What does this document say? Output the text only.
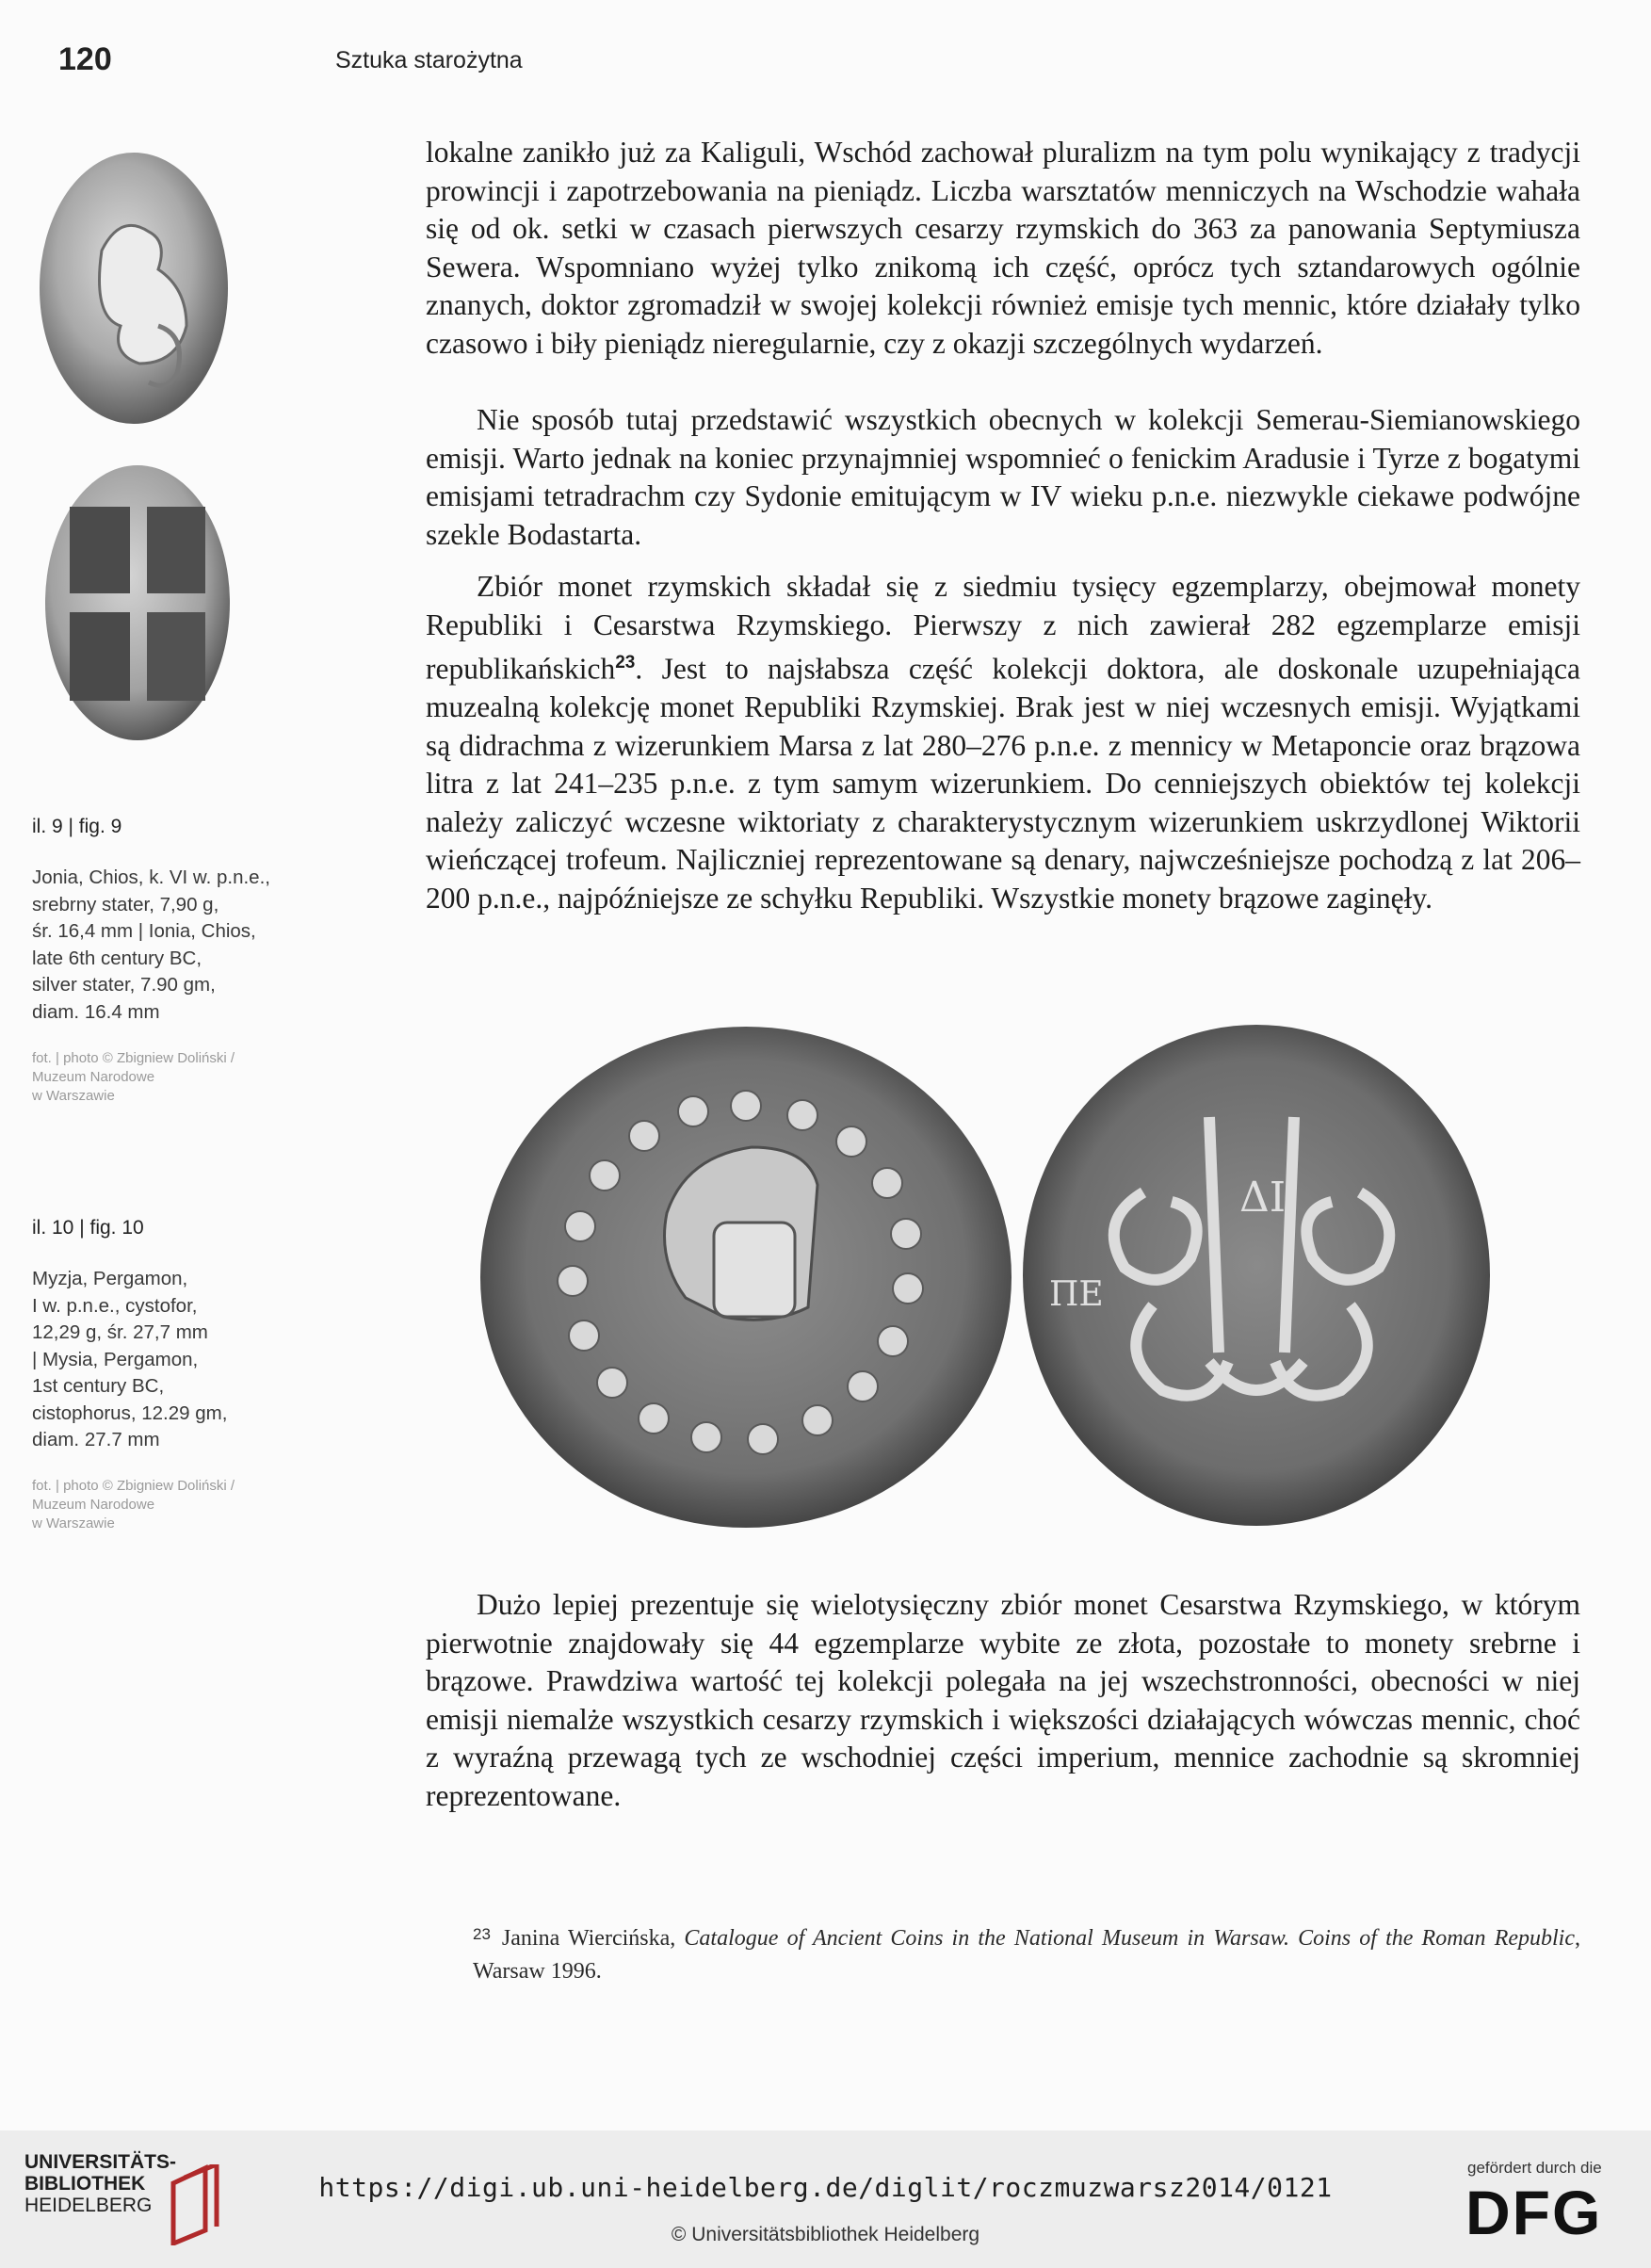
120	Sztuka starożytna
il. 9 | fig. 9
Jonia, Chios, k. VI w. p.n.e.,
srebrny stater, 7,90 g,
śr. 16,4 mm | Ionia, Chios,
late 6th century BC,
silver stater, 7.90 gm,
diam. 16.4 mm
fot. | photo © Zbigniew Doliński /
Muzeum Narodowe
w Warszawie
il. 10 | fig. 10
Myzja, Pergamon,
I w. p.n.e., cystofor,
12,29 g, śr. 27,7 mm
| Mysia, Pergamon,
1st century BC,
cistophorus, 12.29 gm,
diam. 27.7 mm
fot. | photo © Zbigniew Doliński /
Muzeum Narodowe
w Warszawie

lokalne zanikło już za Kaliguli, Wschód zachował pluralizm na tym polu wynikający z tradycji prowincji i zapotrzebowania na pieniądz. Liczba warsztatów menniczych na Wschodzie wahała się od ok. setki w czasach pierwszych cesarzy rzymskich do 363 za panowania Septymiusza Sewera. Wspomniano wyżej tylko znikomą ich część, oprócz tych sztandarowych ogólnie znanych, doktor zgromadził w swojej kolekcji również emisje tych mennic, które działały tylko czasowo i biły pieniądz nieregularnie, czy z okazji szczególnych wydarzeń.

Nie sposób tutaj przedstawić wszystkich obecnych w kolekcji Semerau-Siemianowskiego emisji. Warto jednak na koniec przynajmniej wspomnieć o fenickim Aradusie i Tyrze z bogatymi emisjami tetradrachm czy Sydonie emitującym w IV wieku p.n.e. niezwykle ciekawe podwójne szekle Bodastarta.

Zbiór monet rzymskich składał się z siedmiu tysięcy egzemplarzy, obejmował monety Republiki i Cesarstwa Rzymskiego. Pierwszy z nich zawierał 282 egzemplarze emisji republikańskich$^{23}$. Jest to najsłabsza część kolekcji doktora, ale doskonale uzupełniająca muzealną kolekcję monet Republiki Rzymskiej. Brak jest w niej wczesnych emisji. Wyjątkami są didrachma z wizerunkiem Marsa z lat 280–276 p.n.e. z mennicy w Metaponcie oraz brązowa litra z lat 241–235 p.n.e. z tym samym wizerunkiem. Do cenniejszych obiektów tej kolekcji należy zaliczyć wczesne wiktoriaty z charakterystycznym wizerunkiem uskrzydlonej Wiktorii wieńczącej trofeum. Najliczniej reprezentowane są denary, najwcześniejsze pochodzą z lat 206–200 p.n.e., najpóźniejsze ze schyłku Republiki. Wszystkie monety brązowe zaginęły.

ΔΙ
ΠΕ

Dużo lepiej prezentuje się wielotysięczny zbiór monet Cesarstwa Rzymskiego, w którym pierwotnie znajdowały się 44 egzemplarze wybite ze złota, pozostałe to monety srebrne i brązowe. Prawdziwa wartość tej kolekcji polegała na jej wszechstronności, obecności w niej emisji niemalże wszystkich cesarzy rzymskich i większości działających wówczas mennic, choć z wyraźną przewagą tych ze wschodniej części imperium, mennice zachodnie są skromniej reprezentowane.

$^{23}$ Janina Wiercińska, Catalogue of Ancient Coins in the National Museum in Warsaw. Coins of the Roman Republic, Warsaw 1996.
UNIVERSITÄTS-
BIBLIOTHEK
HEIDELBERG
https://digi.ub.uni-heidelberg.de/diglit/roczmuzwarsz2014/0121
© Universitätsbibliothek Heidelberg
gefördert durch die
DFG
